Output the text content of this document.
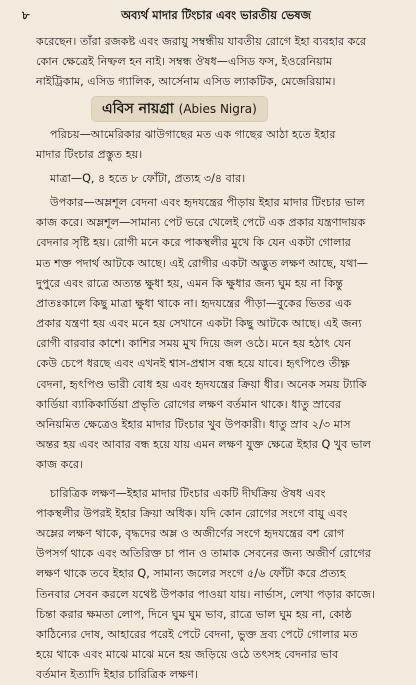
৮	অব্যর্থ মাদার টিংচার এবং ভারতীয় ভেষজ
করেছেন। তাঁরা রজকষ্ট এবং জরায়ু সম্বন্ধীয় যাবতীয় রোগে ইহা ব্যবহার করে
কোন ক্ষেত্রেই নিষ্ফল হন নাই। সম্বন্ধ ঔষধ—এসিড ফস, ইওরেনিয়াম
নাইট্রিকাম, এসিড গ্যালিক, আর্সেনাম এসিড ল্যাকটিক, মেজেরিয়াম।
এবিস নায়গ্রা (Abies Nigra)
পরিচয়—আমেরিকার ঝাউগাছের মত এক গাছের আঠা হতে ইহার
মাদার টিংচার প্রস্তুত হয়।
মাত্রা—Q, ৪ হতে ৮ ফোঁটা, প্রত্যহ ৩/৪ বার।
উপকার—অম্লশূল বেদনা এবং হৃদযন্ত্রের পীড়ায় ইহার মাদার টিংচার ভাল
কাজ করে। অম্লশূল—সামান্য পেট ভরে খেলেই পেটে এক প্রকার যন্ত্রণাদায়ক
বেদনার সৃষ্টি হয়। রোগী মনে করে পাকস্থলীর মুখে কি যেন একটা গোলার
মত শক্ত পদার্থ আটকে আছে। এই রোগীর একটা অদ্ভুত লক্ষণ আছে, যথা—
দুপুরে এবং রাত্রে অত্যন্ত ক্ষুধা হয়, এমন কি ক্ষুধার জন্য ঘুম হয় না কিন্তু
প্রাতঃকালে কিছু মাত্রা ক্ষুধা থাকে না। হৃদযন্ত্রের পীড়া—বুকের ভিতর এক
প্রকার যন্ত্রণা হয় এবং মনে হয় সেখানে একটা কিছু আটকে আছে। এই জন্য
রোগী বারবার কাশে। কাশির সময় মুখ দিয়ে জল ওঠে। মনে হয় হঠাৎ যেন
কেউ চেপে ধরছে এবং এখনই শ্বাস-প্রশ্বাস বন্ধ হয়ে যাবে। হৃৎপিণ্ডে তীক্ষ্ণ
বেদনা, হৃৎপিণ্ড ভারী বোধ হয় এবং হৃদযন্ত্রের ক্রিয়া ধীর। অনেক সময় ট্যাকি
কার্ডিয়া ব্যাকিকার্ডিয়া প্রভৃতি রোগের লক্ষণ বর্তমান থাকে। ধাতু স্রাবের
অনিয়মিত ক্ষেত্রেও ইহার মাদার টিংচার খুব উপকারী। ধাতু স্রাব ২/৩ মাস
অন্তর হয় এবং আবার বন্ধ হয়ে যায় এমন লক্ষণ যুক্ত ক্ষেত্রে ইহার Q খুব ভাল
কাজ করে।
চারিত্রিক লক্ষণ—ইহার মাদার টিংচার একটি দীর্ঘক্রিয় ঔষধ এবং
পাকস্থলীর উপরই ইহার ক্রিয়া অধিক। যদি কোন রোগের সংগে বায়ু এবং
অম্লের লক্ষণ থাকে, বৃদ্ধদের অম্ল ও অজীর্ণের সংগে হৃদযন্ত্রের বশ রোগ
উপসর্গ থাকে এবং অতিরিক্ত চা পান ও তামাক সেবনের জন্য অজীর্ণ রোগের
লক্ষণ থাকে তবে ইহার Q, সামান্য জলের সংগে ৫/৬ ফোঁটা করে প্রত্যহ
তিনবার সেবন করলে যথেষ্ট উপকার পাওয়া যায়। নার্ভাস, লেখা পড়ার কাজে।
চিন্তা করার ক্ষমতা লোপ, দিনে ঘুম ঘুম ভাব, রাত্রে ভাল ঘুম হয় না, কোষ্ঠ
কাঠিন্যের দোষ, আহারের পরেই পেটে বেদনা, ভুক্ত দ্রব্য পেটে গোলার মত
হয়ে থাকে এবং মাঝে মাঝে মনে হয় জড়িয়ে ওঠে তৎসহ বেদনার ভাব
বর্তমান ইত্যাদি ইহার চারিত্রিক লক্ষণ।
